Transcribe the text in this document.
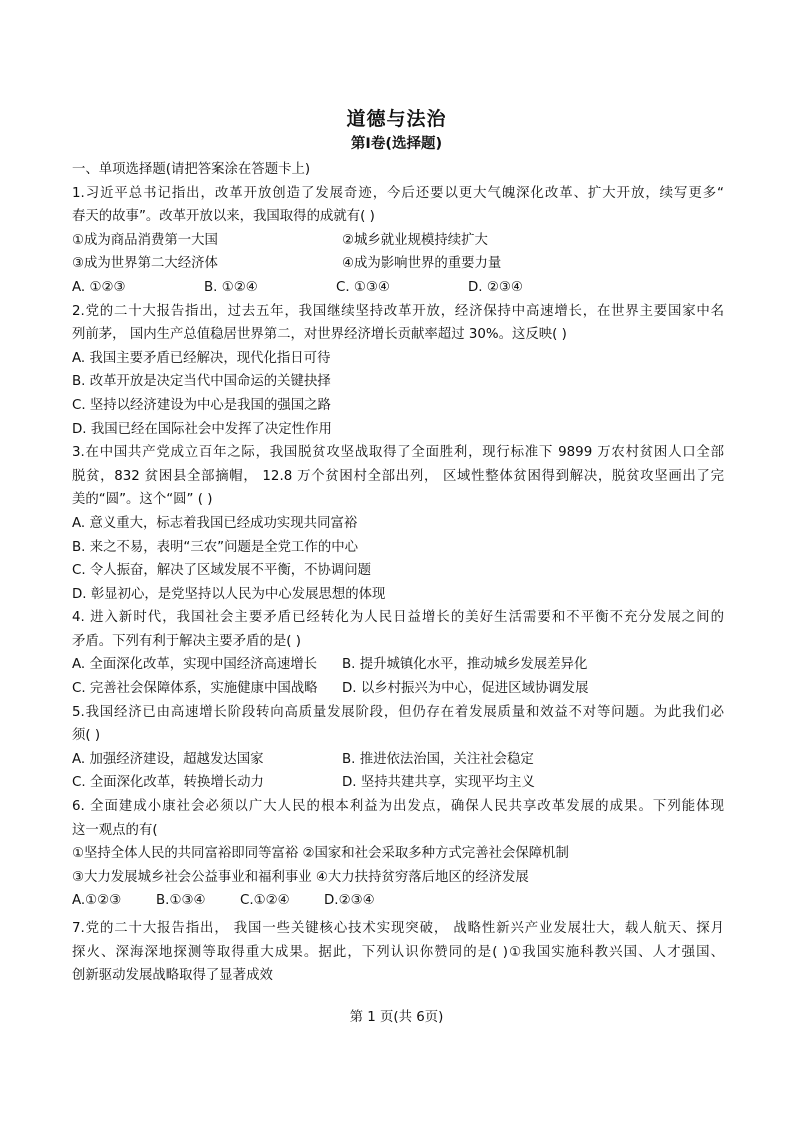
道德与法治
第Ⅰ卷(选择题)
一、单项选择题(请把答案涂在答题卡上)
1.习近平总书记指出，改革开放创造了发展奇迹，今后还要以更大气魄深化改革、扩大开放，续写更多“
春天的故事”。改革开放以来，我国取得的成就有( )
①成为商品消费第一大国	②城乡就业规模持续扩大
③成为世界第二大经济体	④成为影响世界的重要力量
A. ①②③	B. ①②④	C. ①③④	D. ②③④
2.党的二十大报告指出，过去五年，我国继续坚持改革开放，经济保持中高速增长，在世界主要国家中名
列前茅， 国内生产总值稳居世界第二，对世界经济增长贡献率超过 30%。这反映( )
A. 我国主要矛盾已经解决，现代化指日可待
B. 改革开放是决定当代中国命运的关键抉择
C. 坚持以经济建设为中心是我国的强国之路
D. 我国已经在国际社会中发挥了决定性作用
3.在中国共产党成立百年之际，我国脱贫攻坚战取得了全面胜利，现行标准下 9899 万农村贫困人口全部
脱贫，832 贫困县全部摘帽， 12.8 万个贫困村全部出列， 区域性整体贫困得到解决，脱贫攻坚画出了完
美的“圆”。这个“圆” ( )
A. 意义重大，标志着我国已经成功实现共同富裕
B. 来之不易，表明“三农”问题是全党工作的中心
C. 令人振奋，解决了区域发展不平衡，不协调问题
D. 彰显初心，是党坚持以人民为中心发展思想的体现
4. 进入新时代，我国社会主要矛盾已经转化为人民日益增长的美好生活需要和不平衡不充分发展之间的
矛盾。下列有利于解决主要矛盾的是( )
A. 全面深化改革，实现中国经济高速增长	B. 提升城镇化水平，推动城乡发展差异化
C. 完善社会保障体系，实施健康中国战略	D. 以乡村振兴为中心，促进区域协调发展
5.我国经济已由高速增长阶段转向高质量发展阶段，但仍存在着发展质量和效益不对等问题。为此我们必
须( )
A. 加强经济建设，超越发达国家	B. 推进依法治国，关注社会稳定
C. 全面深化改革，转换增长动力	D. 坚持共建共享，实现平均主义
6. 全面建成小康社会必须以广大人民的根本利益为出发点，确保人民共享改革发展的成果。下列能体现
这一观点的有(
①坚持全体人民的共同富裕即同等富裕 ②国家和社会采取多种方式完善社会保障机制
③大力发展城乡社会公益事业和福利事业 ④大力扶持贫穷落后地区的经济发展
A.①②③	B.①③④	C.①②④	D.②③④
7.党的二十大报告指出， 我国一些关键核心技术实现突破， 战略性新兴产业发展壮大，载人航天、探月
探火、深海深地探测等取得重大成果。据此，下列认识你赞同的是( )①我国实施科教兴国、人才强国、
创新驱动发展战略取得了显著成效
第 1 页(共 6页)
